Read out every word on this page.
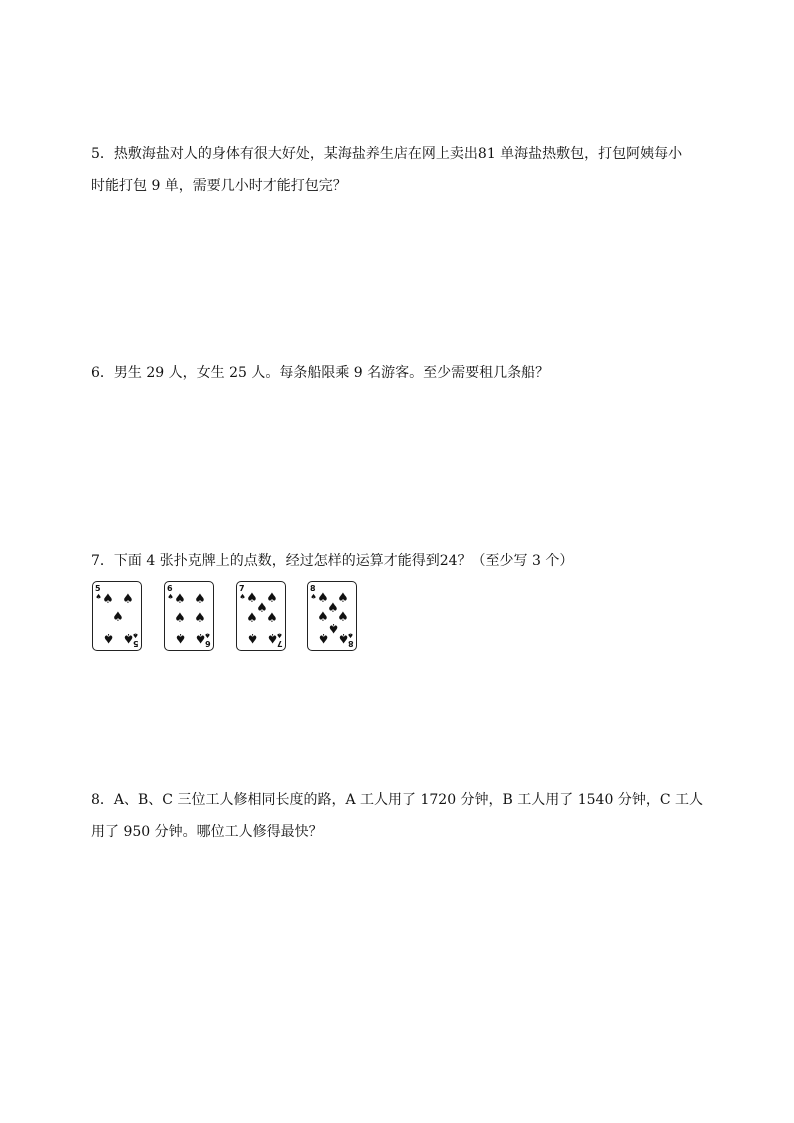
5．热敷海盐对人的身体有很大好处，某海盐养生店在网上卖出81 单海盐热敷包，打包阿姨每小

时能打包 9 单，需要几小时才能打包完？

6．男生 29 人，女生 25 人。每条船限乘 9 名游客。至少需要租几条船？

7．下面 4 张扑克牌上的点数，经过怎样的运算才能得到24？（至少写 3 个）

5
5
♠
♠
♠ ♠
♠
♠ ♠
6
6
♠
♠
♠ ♠
♠ ♠
♠ ♠
7
7
♠
♠
♠ ♠
♠
♠ ♠
♠ ♠
8
8
♠
♠
♠ ♠
♠
♠ ♠
♠
♠ ♠

8．A、B、C 三位工人修相同长度的路，A 工人用了 1720 分钟，B 工人用了 1540 分钟，C 工人

用了 950 分钟。哪位工人修得最快？
